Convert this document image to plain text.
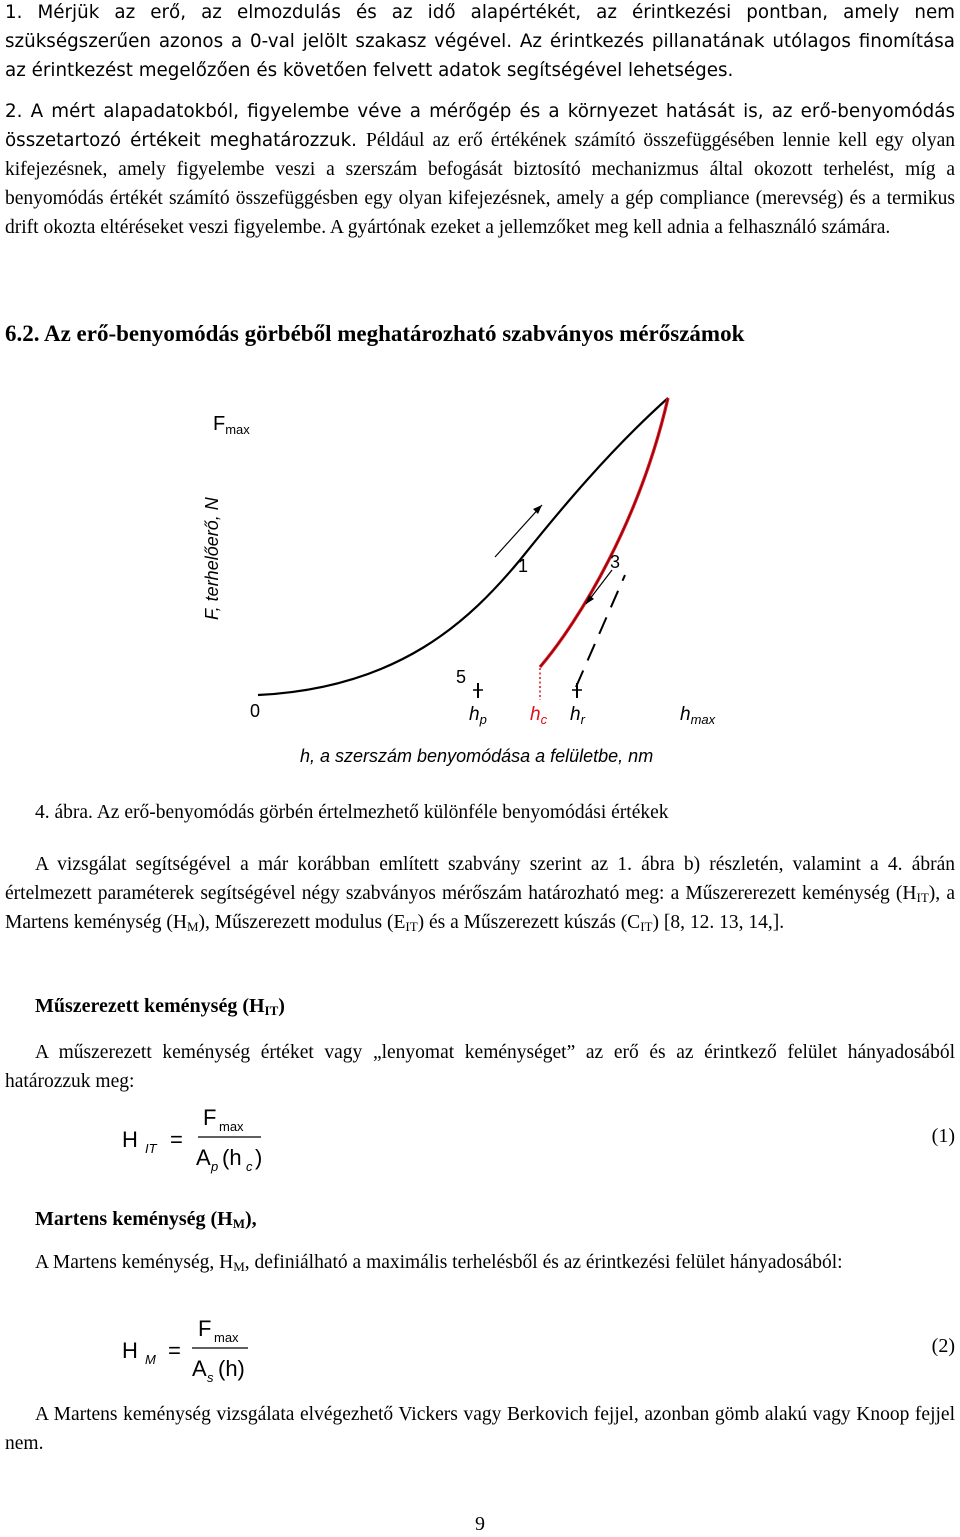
1. Mérjük az erő, az elmozdulás és az idő alapértékét, az érintkezési pontban, amely nem szükségszerűen azonos a 0-val jelölt szakasz végével. Az érintkezés pillanatának utólagos finomítása az érintkezést megelőzően és követően felvett adatok segítségével lehetséges.
2. A mért alapadatokból, figyelembe véve a mérőgép és a környezet hatását is, az erő-benyomódás összetartozó értékeit meghatározzuk. Például az erő értékének számító összefüggésében lennie kell egy olyan kifejezésnek, amely figyelembe veszi a szerszám befogását biztosító mechanizmus által okozott terhelést, míg a benyomódás értékét számító összefüggésben egy olyan kifejezésnek, amely a gép compliance (merevség) és a termikus drift okozta eltéréseket veszi figyelembe. A gyártónak ezeket a jellemzőket meg kell adnia a felhasználó számára.
6.2. Az erő-benyomódás görbéből meghatározható szabványos mérőszámok
$F_{max}$
F, terhelőerő, N	1	3
5
0	$h_p$ $h_c$ $h_r$	$h_{max}$
h, a szerszám benyomódása a felületbe, nm
4. ábra. Az erő-benyomódás görbén értelmezhető különféle benyomódási értékek
A vizsgálat segítségével a már korábban említett szabvány szerint az 1. ábra b) részletén, valamint a 4. ábrán értelmezett paraméterek segítségével négy szabványos mérőszám határozható meg: a Műszererezett keménység $(H_{IT})$, a Martens keménység $(H_M)$, Műszerezett modulus $(E_{IT})$ és a Műszerezett kúszás $(C_{IT})$ [8, 12. 13, 14,].
Műszerezett keménység $(H_{IT})$
A műszerezett keménység értéket vagy „lenyomat keménységet” az erő és az érintkező felület hányadosából határozzuk meg:
H IT =
F max
A p (h c )
(1)
Martens keménység $(H_M)$,
A Martens keménység, $H_M$, definiálható a maximális terhelésből és az érintkezési felület hányadosából:
H M =
F max
A s (h)
(2)
A Martens keménység vizsgálata elvégezhető Vickers vagy Berkovich fejjel, azonban gömb alakú vagy Knoop fejjel nem.
9
